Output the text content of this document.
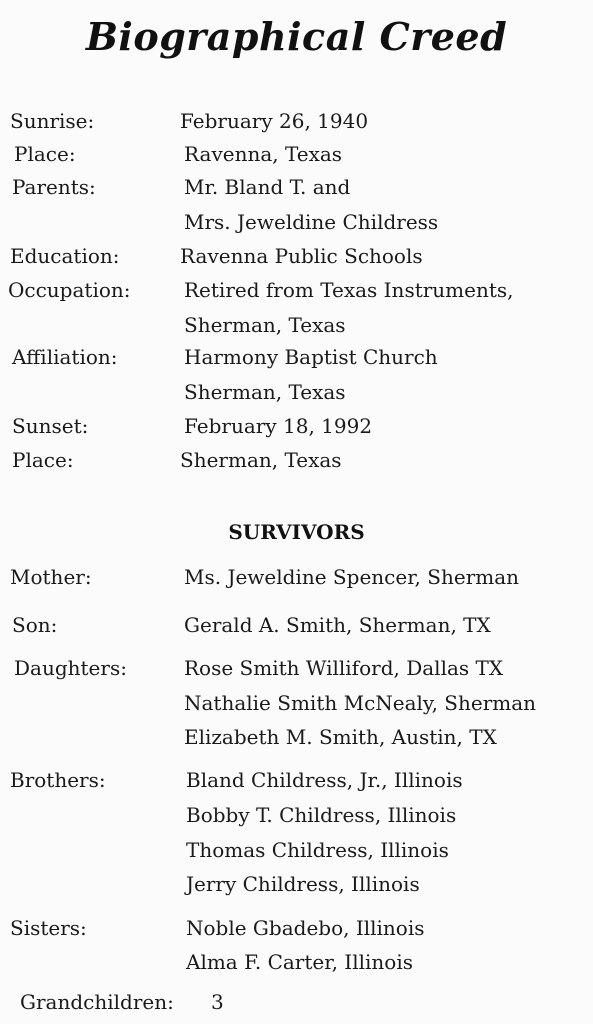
Biographical Creed
Sunrise:	February 26, 1940
Place:	Ravenna, Texas
Parents:	Mr. Bland T. and
Mrs. Jeweldine Childress
Education:	Ravenna Public Schools
Occupation:	Retired from Texas Instruments,
Sherman, Texas
Affiliation:	Harmony Baptist Church
Sherman, Texas
Sunset:	February 18, 1992
Place:	Sherman, Texas
SURVIVORS
Mother:	Ms. Jeweldine Spencer, Sherman
Son:	Gerald A. Smith, Sherman, TX
Daughters:	Rose Smith Williford, Dallas TX
Nathalie Smith McNealy, Sherman
Elizabeth M. Smith, Austin, TX
Brothers:	Bland Childress, Jr., Illinois
Bobby T. Childress, Illinois
Thomas Childress, Illinois
Jerry Childress, Illinois
Sisters:	Noble Gbadebo, Illinois
Alma F. Carter, Illinois
Grandchildren: 3
